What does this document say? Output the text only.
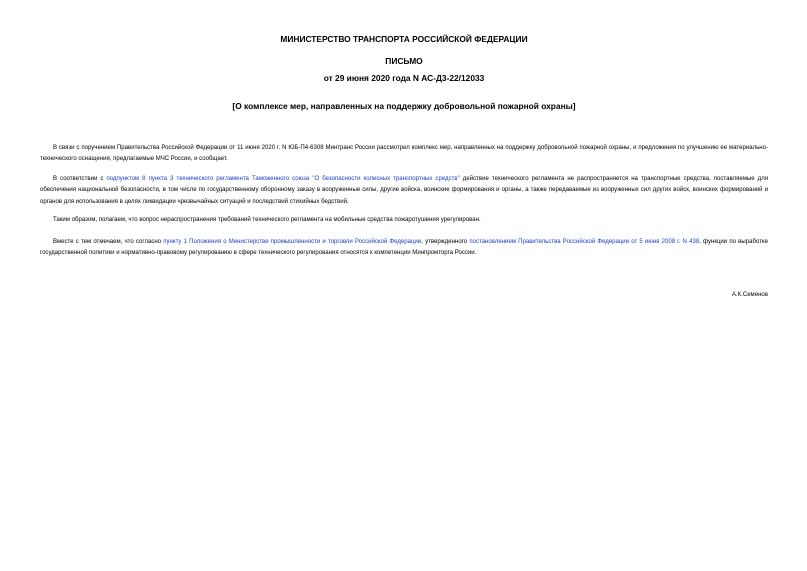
МИНИСТЕРСТВО ТРАНСПОРТА РОССИЙСКОЙ ФЕДЕРАЦИИ
ПИСЬМО
от 29 июня 2020 года N АС-Д3-22/12033
[О комплексе мер, направленных на поддержку добровольной пожарной охраны]

В связи с поручением Правительства Российской Федерации от 11 июня 2020 г. N ЮБ-П4-6308 Минтранс России рассмотрел комплекс мер, направленных на поддержку добровольной пожарной охраны, и предложения по улучшению ее материально-технического оснащения, предлагаемые МЧС России, и сообщает.

В соответствии с подпунктом 8 пункта 3 технического регламента Таможенного союза "О безопасности колесных транспортных средств" действие технического регламента не распространяется на транспортные средства, поставляемые для обеспечения национальной безопасности, в том числе по государственному оборонному заказу в вооруженные силы, другие войска, воинские формирования и органы, а также передаваемые из вооруженных сил других войск, воинских формирований и органов для использования в целях ликвидации чрезвычайных ситуаций и последствий стихийных бедствий.

Таким образом, полагаем, что вопрос нераспространения требований технического регламента на мобильные средства пожаротушения урегулирован.

Вместе с тем отмечаем, что согласно пункту 1 Положения о Министерстве промышленности и торговли Российской Федерации, утвержденного постановлением Правительства Российской Федерации от 5 июня 2008 г. N 438, функции по выработке государственной политики и нормативно-правовому регулированию в сфере технического регулирования относятся к компетенции Минпромторга России.

А.К.Семенов
